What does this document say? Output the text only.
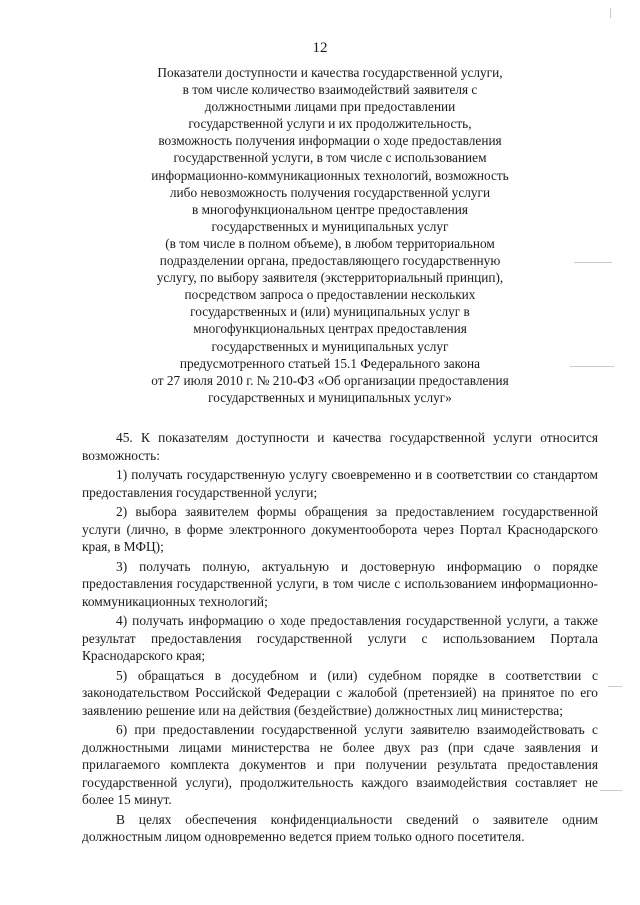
12
Показатели доступности и качества государственной услуги,
в том числе количество взаимодействий заявителя с
должностными лицами при предоставлении
государственной услуги и их продолжительность,
возможность получения информации о ходе предоставления
государственной услуги, в том числе с использованием
информационно-коммуникационных технологий, возможность
либо невозможность получения государственной услуги
в многофункциональном центре предоставления
государственных и муниципальных услуг
(в том числе в полном объеме), в любом территориальном
подразделении органа, предоставляющего государственную
услугу, по выбору заявителя (экстерриториальный принцип),
посредством запроса о предоставлении нескольких
государственных и (или) муниципальных услуг в
многофункциональных центрах предоставления
государственных и муниципальных услуг
предусмотренного статьей 15.1 Федерального закона
от 27 июля 2010 г. № 210-ФЗ «Об организации предоставления
государственных и муниципальных услуг»

45. К показателям доступности и качества государственной услуги относится возможность:

1) получать государственную услугу своевременно и в соответствии со стандартом предоставления государственной услуги;

2) выбора заявителем формы обращения за предоставлением государственной услуги (лично, в форме электронного документооборота через Портал Краснодарского края, в МФЦ);

3) получать полную, актуальную и достоверную информацию о порядке предоставления государственной услуги, в том числе с использованием информационно-коммуникационных технологий;

4) получать информацию о ходе предоставления государственной услуги, а также результат предоставления государственной услуги с использованием Портала Краснодарского края;

5) обращаться в досудебном и (или) судебном порядке в соответствии с законодательством Российской Федерации с жалобой (претензией) на принятое по его заявлению решение или на действия (бездействие) должностных лиц министерства;

6) при предоставлении государственной услуги заявителю взаимодействовать с должностными лицами министерства не более двух раз (при сдаче заявления и прилагаемого комплекта документов и при получении результата предоставления государственной услуги), продолжительность каждого взаимодействия составляет не более 15 минут.

В целях обеспечения конфиденциальности сведений о заявителе одним должностным лицом одновременно ведется прием только одного посетителя.
